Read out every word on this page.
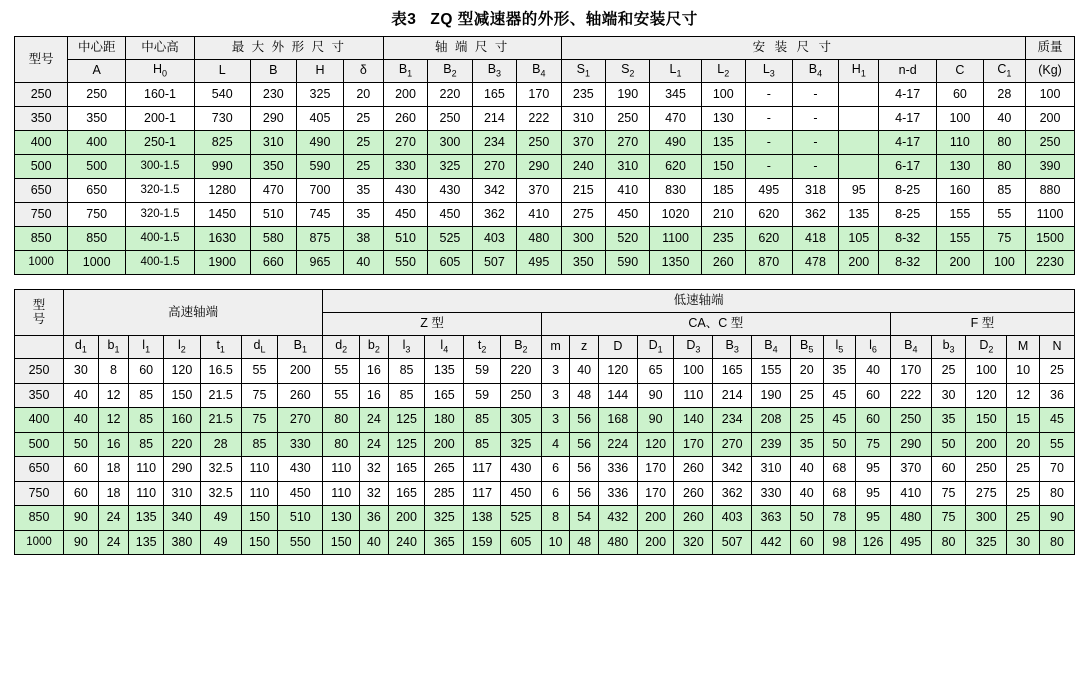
表3 ZQ 型减速器的外形、轴端和安装尺寸
型号	中心距	中心高	最 大 外 形 尺 寸				轴 端 尺 寸				安 装 尺 寸										质量
	A	$H_0$	L	B	H	δ	$B_1$	$B_2$	$B_3$	$B_4$	$S_1$	$S_2$	$L_1$	$L_2$	$L_3$	$B_4$	$H_1$	n-d	C	$C_1$	(Kg)
250	250	160-1	540	230	325	20	200	220	165	170	235	190	345	100	-	-		4-17	60	28	100
350	350	200-1	730	290	405	25	260	250	214	222	310	250	470	130	-	-		4-17	100	40	200
400	400	250-1	825	310	490	25	270	300	234	250	370	270	490	135	-	-		4-17	110	80	250
500	500	300-1.5	990	350	590	25	330	325	270	290	240	310	620	150	-	-		6-17	130	80	390
650	650	320-1.5	1280	470	700	35	430	430	342	370	215	410	830	185	495	318	95	8-25	160	85	880
750	750	320-1.5	1450	510	745	35	450	450	362	410	275	450	1020	210	620	362	135	8-25	155	55	1100
850	850	400-1.5	1630	580	875	38	510	525	403	480	300	520	1100	235	620	418	105	8-32	155	75	1500
1000	1000	400-1.5	1900	660	965	40	550	605	507	495	350	590	1350	260	870	478	200	8-32	200	100	2230
型
号	高速轴端							低速轴端																				
								Z 型						CA、C 型										F 型				
	$d_1$	$b_1$	$l_1$	$l_2$	$t_1$	$d_L$	$B_1$	$d_2$	$b_2$	$l_3$	$l_4$	$t_2$	$B_2$	m	z	D	$D_1$	$D_3$	$B_3$	$B_4$	$B_5$	$l_5$	$l_6$	$B_4$	$b_3$	$D_2$	M	N
250	30	8	60	120	16.5	55	200	55	16	85	135	59	220	3	40	120	65	100	165	155	20	35	40	170	25	100	10	25
350	40	12	85	150	21.5	75	260	55	16	85	165	59	250	3	48	144	90	110	214	190	25	45	60	222	30	120	12	36
400	40	12	85	160	21.5	75	270	80	24	125	180	85	305	3	56	168	90	140	234	208	25	45	60	250	35	150	15	45
500	50	16	85	220	28	85	330	80	24	125	200	85	325	4	56	224	120	170	270	239	35	50	75	290	50	200	20	55
650	60	18	110	290	32.5	110	430	110	32	165	265	117	430	6	56	336	170	260	342	310	40	68	95	370	60	250	25	70
750	60	18	110	310	32.5	110	450	110	32	165	285	117	450	6	56	336	170	260	362	330	40	68	95	410	75	275	25	80
850	90	24	135	340	49	150	510	130	36	200	325	138	525	8	54	432	200	260	403	363	50	78	95	480	75	300	25	90
1000	90	24	135	380	49	150	550	150	40	240	365	159	605	10	48	480	200	320	507	442	60	98	126	495	80	325	30	80
